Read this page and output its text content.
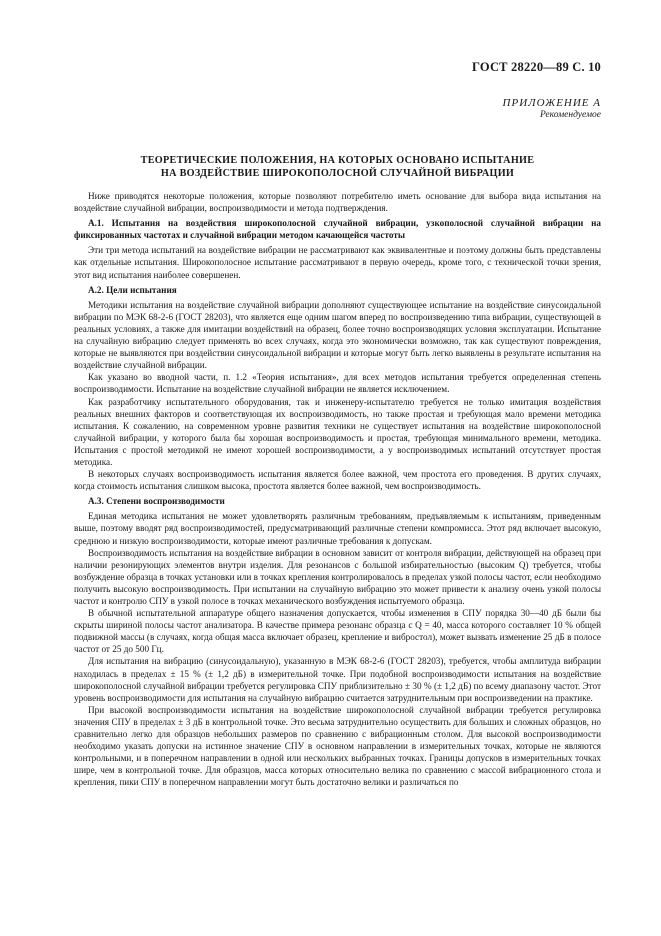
ГОСТ 28220—89 С. 10
ПРИЛОЖЕНИЕ А
Рекомендуемое
ТЕОРЕТИЧЕСКИЕ ПОЛОЖЕНИЯ, НА КОТОРЫХ ОСНОВАНО ИСПЫТАНИЕ
НА ВОЗДЕЙСТВИЕ ШИРОКОПОЛОСНОЙ СЛУЧАЙНОЙ ВИБРАЦИИ

Ниже приводятся некоторые положения, которые позволяют потребителю иметь основание для выбора вида испытания на воздействие случайной вибрации, воспроизводимости и метода подтверждения.

А.1. Испытания на воздействия широкополосной случайной вибрации, узкополосной случайной вибрации на фиксированных частотах и случайной вибрации методом качающейся частоты

Эти три метода испытаний на воздействие вибрации не рассматривают как эквивалентные и поэтому должны быть представлены как отдельные испытания. Широкополосное испытание рассматривают в первую очередь, кроме того, с технической точки зрения, этот вид испытания наиболее совершенен.

А.2. Цели испытания

Методики испытания на воздействие случайной вибрации дополняют существующее испытание на воздействие синусоидальной вибрации по МЭК 68-2-6 (ГОСТ 28203), что является еще одним шагом вперед по воспроизведению типа вибрации, существующей в реальных условиях, а также для имитации воздействий на образец, более точно воспроизводящих условия эксплуатации. Испытание на случайную вибрацию следует применять во всех случаях, когда это экономически возможно, так как существуют повреждения, которые не выявляются при воздействии синусоидальной вибрации и которые могут быть легко выявлены в результате испытания на воздействие случайной вибрации.

Как указано во вводной части, п. 1.2 «Теория испытания», для всех методов испытания требуется определенная степень воспроизводимости. Испытание на воздействие случайной вибрации не является исключением.

Как разработчику испытательного оборудования, так и инженеру-испытателю требуется не только имитация воздействия реальных внешних факторов и соответствующая их воспроизводимость, но также простая и требующая мало времени методика испытания. К сожалению, на современном уровне развития техники не существует испытания на воздействие широкополосной случайной вибрации, у которого была бы хорошая воспроизводимость и простая, требующая минимального времени, методика. Испытания с простой методикой не имеют хорошей воспроизводимости, а у воспроизводимых испытаний отсутствует простая методика.

В некоторых случаях воспроизводимость испытания является более важной, чем простота его проведения. В других случаях, когда стоимость испытания слишком высока, простота является более важной, чем воспроизводимость.

А.3. Степени воспроизводимости

Единая методика испытания не может удовлетворять различным требованиям, предъявляемым к испытаниям, приведенным выше, поэтому вводят ряд воспроизводимостей, предусматривающий различные степени компромисса. Этот ряд включает высокую, среднюю и низкую воспроизводимости, которые имеют различные требования к допускам.

Воспроизводимость испытания на воздействие вибрации в основном зависит от контроля вибрации, действующей на образец при наличии резонирующих элементов внутри изделия. Для резонансов с большой избирательностью (высоким Q) требуется, чтобы возбуждение образца в точках установки или в точках крепления контролировалось в пределах узкой полосы частот, если необходимо получить высокую воспроизводимость. При испытании на случайную вибрацию это может привести к анализу очень узкой полосы частот и контролю СПУ в узкой полосе в точках механического возбуждения испытуемого образца.

В обычной испытательной аппаратуре общего назначения допускается, чтобы изменения в СПУ порядка 30—40 дБ были бы скрыты шириной полосы частот анализатора. В качестве примера резонанс образца с Q = 40, масса которого составляет 10 % общей подвижной массы (в случаях, когда общая масса включает образец, крепление и вибростол), может вызвать изменение 25 дБ в полосе частот от 25 до 500 Гц.

Для испытания на вибрацию (синусоидальную), указанную в МЭК 68-2-6 (ГОСТ 28203), требуется, чтобы амплитуда вибрации находилась в пределах ± 15 % (± 1,2 дБ) в измерительной точке. При подобной воспроизводимости испытания на воздействие широкополосной случайной вибрации требуется регулировка СПУ приблизительно ± 30 % (± 1,2 дБ) по всему диапазону частот. Этот уровень воспроизводимости для испытания на случайную вибрацию считается затруднительным при воспроизведении на практике.

При высокой воспроизводимости испытания на воздействие широкополосной случайной вибрации требуется регулировка значения СПУ в пределах ± 3 дБ в контрольной точке. Это весьма затруднительно осуществить для больших и сложных образцов, но сравнительно легко для образцов небольших размеров по сравнению с вибрационным столом. Для высокой воспроизводимости необходимо указать допуски на истинное значение СПУ в основном направлении в измерительных точках, которые не являются контрольными, и в поперечном направлении в одной или нескольких выбранных точках. Границы допусков в измерительных точках шире, чем в контрольной точке. Для образцов, масса которых относительно велика по сравнению с массой вибрационного стола и крепления, пики СПУ в поперечном направлении могут быть достаточно велики и различаться по
